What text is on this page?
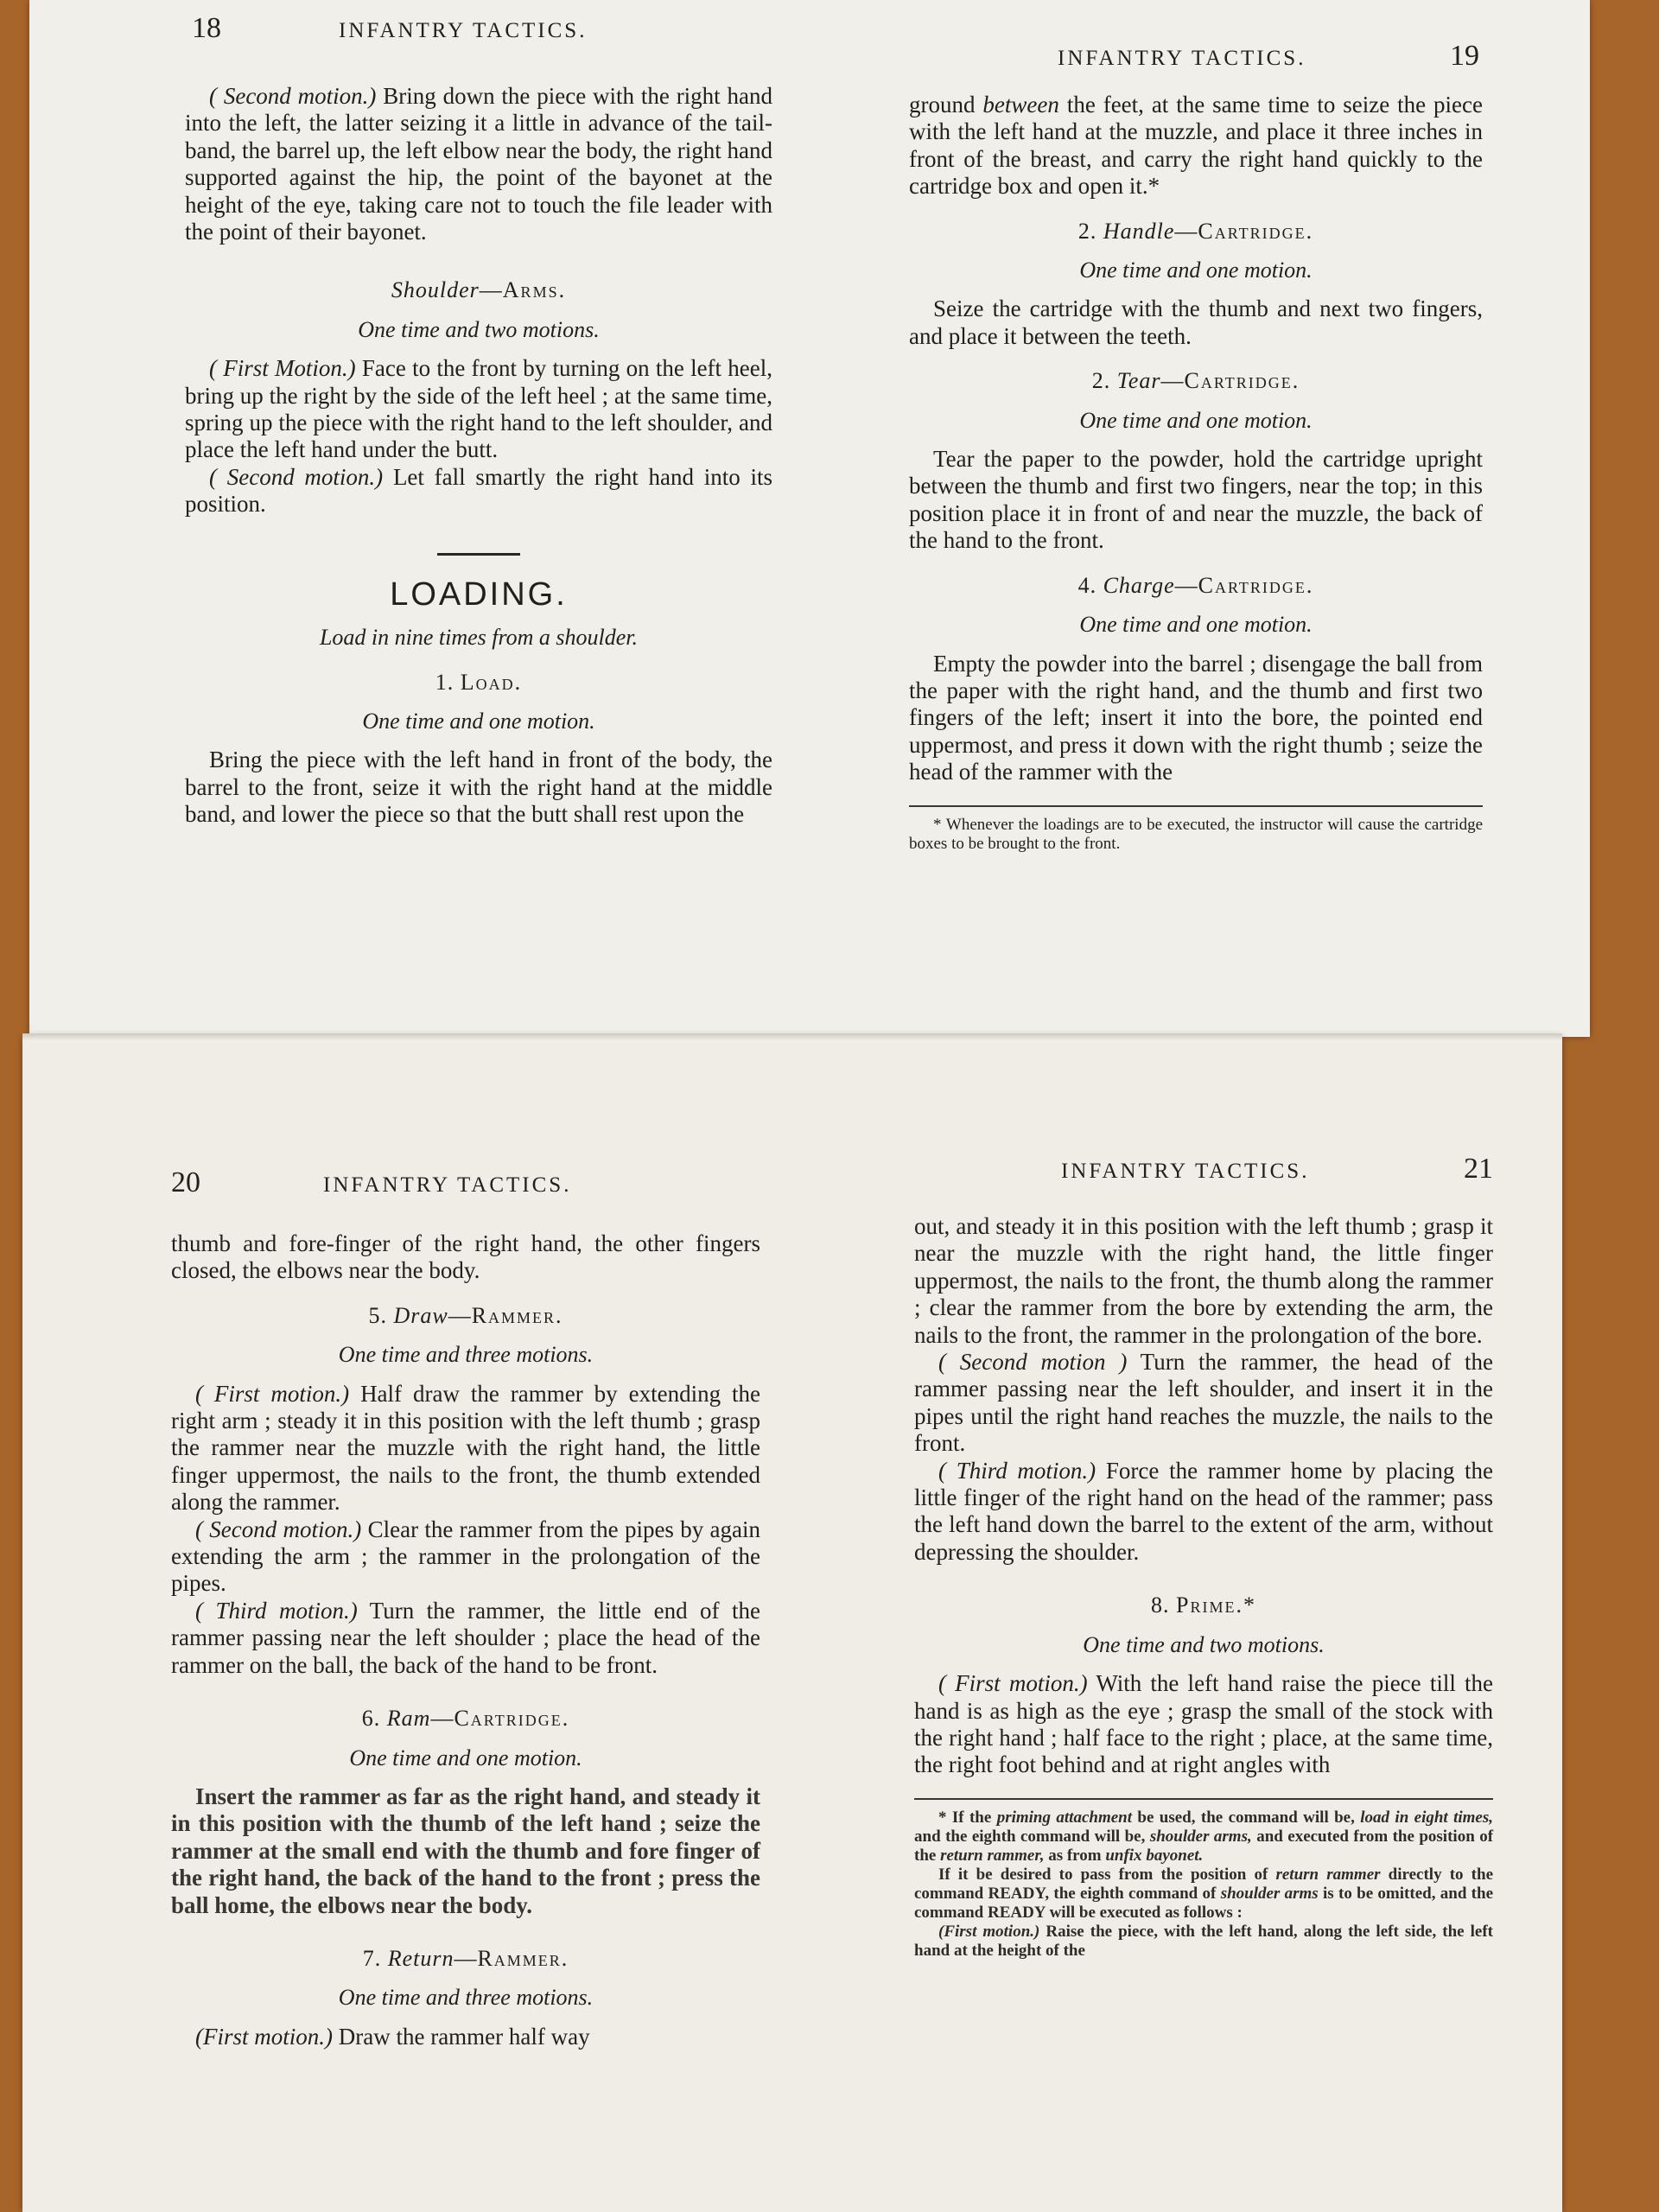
18	INFANTRY TACTICS.

( Second motion.) Bring down the piece with the right hand into the left, the latter seizing it a little in advance of the tail-band, the barrel up, the left elbow near the body, the right hand supported against the hip, the point of the bayonet at the height of the eye, taking care not to touch the file leader with the point of their bayonet.

Shoulder—Arms.
One time and two motions.

( First Motion.) Face to the front by turning on the left heel, bring up the right by the side of the left heel ; at the same time, spring up the piece with the right hand to the left shoulder, and place the left hand under the butt.

( Second motion.) Let fall smartly the right hand into its position.

LOADING.
Load in nine times from a shoulder.
1. Load.
One time and one motion.

Bring the piece with the left hand in front of the body, the barrel to the front, seize it with the right hand at the middle band, and lower the piece so that the butt shall rest upon the

INFANTRY TACTICS.	19

ground between the feet, at the same time to seize the piece with the left hand at the muzzle, and place it three inches in front of the breast, and carry the right hand quickly to the cartridge box and open it.*

2. Handle—Cartridge.
One time and one motion.

Seize the cartridge with the thumb and next two fingers, and place it between the teeth.

2. Tear—Cartridge.
One time and one motion.

Tear the paper to the powder, hold the cartridge upright between the thumb and first two fingers, near the top; in this position place it in front of and near the muzzle, the back of the hand to the front.

4. Charge—Cartridge.
One time and one motion.

Empty the powder into the barrel ; disengage the ball from the paper with the right hand, and the thumb and first two fingers of the left; insert it into the bore, the pointed end uppermost, and press it down with the right thumb ; seize the head of the rammer with the

* Whenever the loadings are to be executed, the instructor will cause the cartridge boxes to be brought to the front.

20	INFANTRY TACTICS.

thumb and fore-finger of the right hand, the other fingers closed, the elbows near the body.

5. Draw—Rammer.
One time and three motions.

( First motion.) Half draw the rammer by extending the right arm ; steady it in this position with the left thumb ; grasp the rammer near the muzzle with the right hand, the little finger uppermost, the nails to the front, the thumb extended along the rammer.

( Second motion.) Clear the rammer from the pipes by again extending the arm ; the rammer in the prolongation of the pipes.

( Third motion.) Turn the rammer, the little end of the rammer passing near the left shoulder ; place the head of the rammer on the ball, the back of the hand to be front.

6. Ram—Cartridge.
One time and one motion.

Insert the rammer as far as the right hand, and steady it in this position with the thumb of the left hand ; seize the rammer at the small end with the thumb and fore finger of the right hand, the back of the hand to the front ; press the ball home, the elbows near the body.

7. Return—Rammer.
One time and three motions.

(First motion.) Draw the rammer half way

INFANTRY TACTICS.	21

out, and steady it in this position with the left thumb ; grasp it near the muzzle with the right hand, the little finger uppermost, the nails to the front, the thumb along the rammer ; clear the rammer from the bore by extending the arm, the nails to the front, the rammer in the prolongation of the bore.

( Second motion ) Turn the rammer, the head of the rammer passing near the left shoulder, and insert it in the pipes until the right hand reaches the muzzle, the nails to the front.

( Third motion.) Force the rammer home by placing the little finger of the right hand on the head of the rammer; pass the left hand down the barrel to the extent of the arm, without depressing the shoulder.

8. Prime.*
One time and two motions.

( First motion.) With the left hand raise the piece till the hand is as high as the eye ; grasp the small of the stock with the right hand ; half face to the right ; place, at the same time, the right foot behind and at right angles with

* If the priming attachment be used, the command will be, load in eight times, and the eighth command will be, shoulder arms, and executed from the position of the return rammer, as from unfix bayonet.

If it be desired to pass from the position of return rammer directly to the command READY, the eighth command of shoulder arms is to be omitted, and the command READY will be executed as follows :

(First motion.) Raise the piece, with the left hand, along the left side, the left hand at the height of the
